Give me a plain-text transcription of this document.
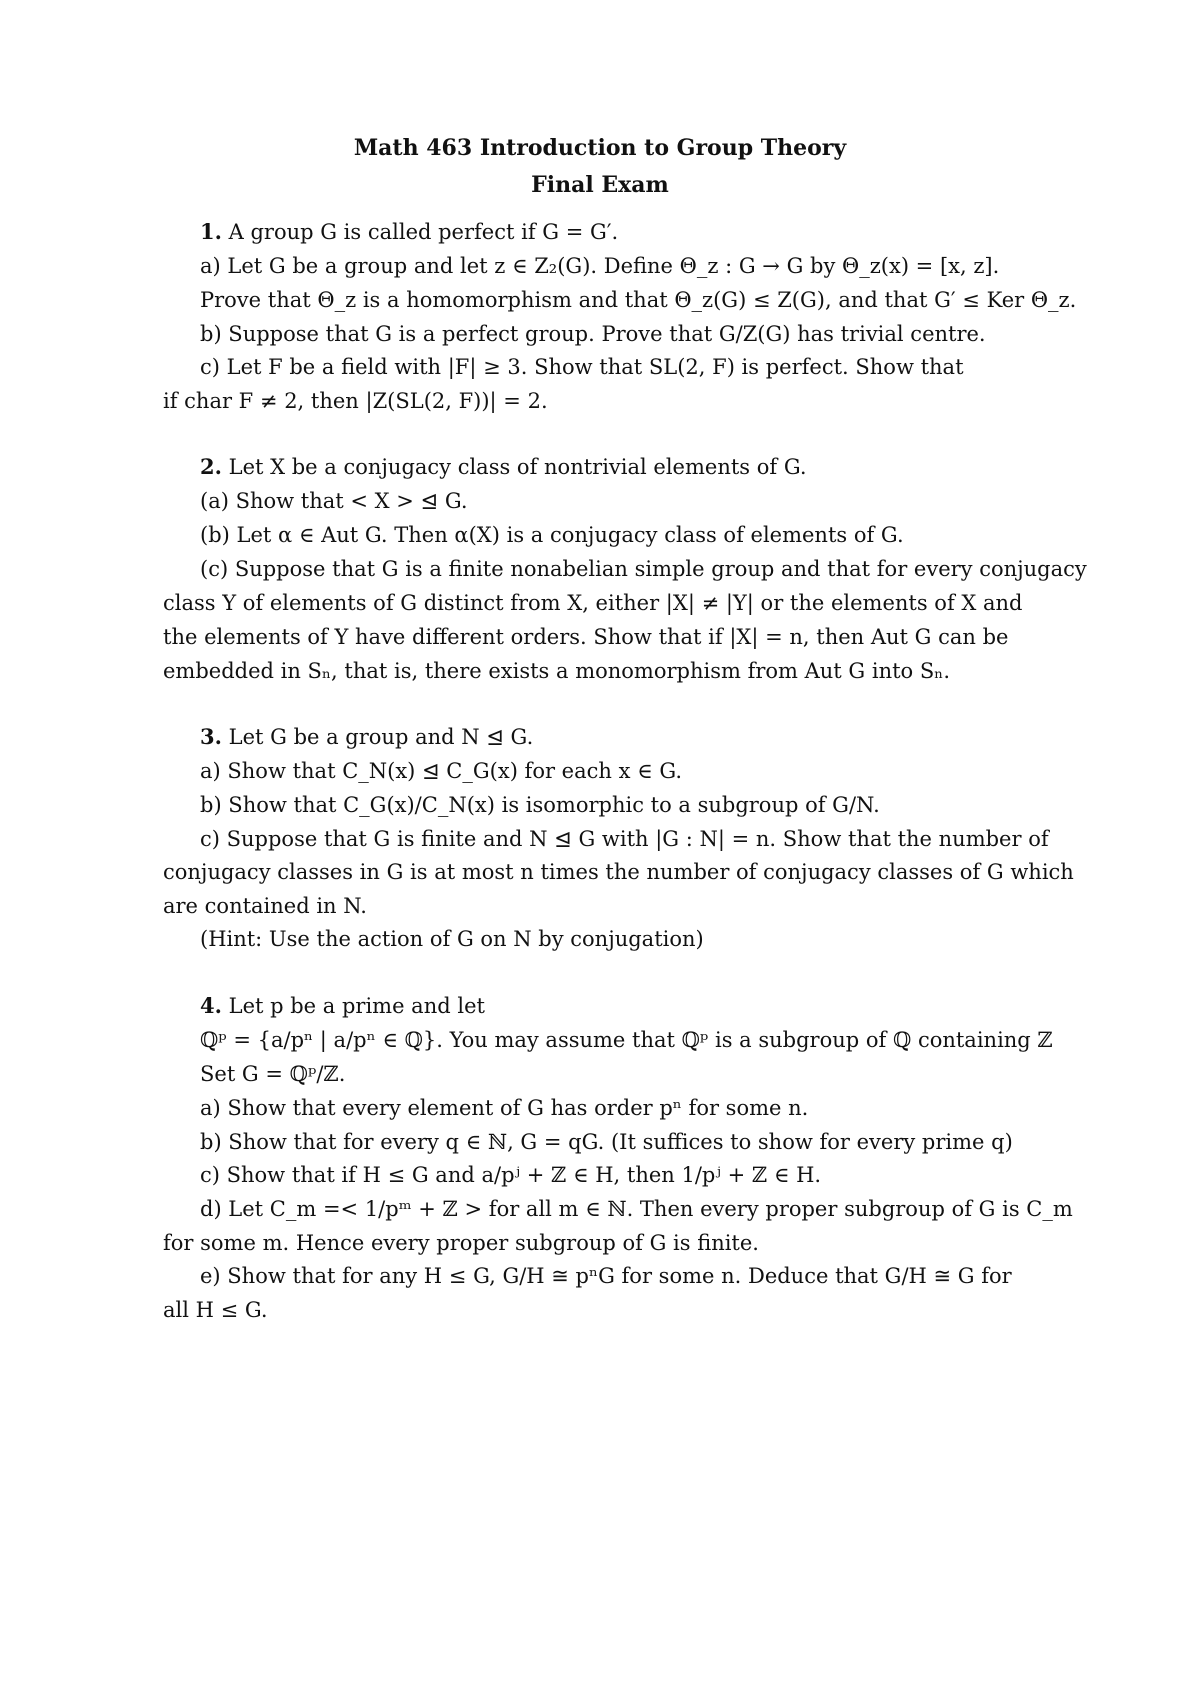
Math 463 Introduction to Group Theory
Final Exam
1. A group G is called perfect if G = G′.
a) Let G be a group and let z ∈ Z₂(G). Define Θ_z : G → G by Θ_z(x) = [x, z].
Prove that Θ_z is a homomorphism and that Θ_z(G) ≤ Z(G), and that G′ ≤ Ker Θ_z.
b) Suppose that G is a perfect group. Prove that G/Z(G) has trivial centre.
c) Let F be a field with |F| ≥ 3. Show that SL(2, F) is perfect. Show that
if char F ≠ 2, then |Z(SL(2, F))| = 2.
2. Let X be a conjugacy class of nontrivial elements of G.
(a) Show that < X > ⊴ G.
(b) Let α ∈ Aut G. Then α(X) is a conjugacy class of elements of G.
(c) Suppose that G is a finite nonabelian simple group and that for every conjugacy
class Y of elements of G distinct from X, either |X| ≠ |Y| or the elements of X and
the elements of Y have different orders. Show that if |X| = n, then Aut G can be
embedded in Sₙ, that is, there exists a monomorphism from Aut G into Sₙ.
3. Let G be a group and N ⊴ G.
a) Show that C_N(x) ⊴ C_G(x) for each x ∈ G.
b) Show that C_G(x)/C_N(x) is isomorphic to a subgroup of G/N.
c) Suppose that G is finite and N ⊴ G with |G : N| = n. Show that the number of
conjugacy classes in G is at most n times the number of conjugacy classes of G which
are contained in N.
(Hint: Use the action of G on N by conjugation)
4. Let p be a prime and let
ℚᵖ = {a/pⁿ | a/pⁿ ∈ ℚ}. You may assume that ℚᵖ is a subgroup of ℚ containing ℤ
Set G = ℚᵖ/ℤ.
a) Show that every element of G has order pⁿ for some n.
b) Show that for every q ∈ ℕ, G = qG. (It suffices to show for every prime q)
c) Show that if H ≤ G and a/pʲ + ℤ ∈ H, then 1/pʲ + ℤ ∈ H.
d) Let C_m =< 1/pᵐ + ℤ > for all m ∈ ℕ. Then every proper subgroup of G is C_m
for some m. Hence every proper subgroup of G is finite.
e) Show that for any H ≤ G, G/H ≅ pⁿG for some n. Deduce that G/H ≅ G for
all H ≤ G.
